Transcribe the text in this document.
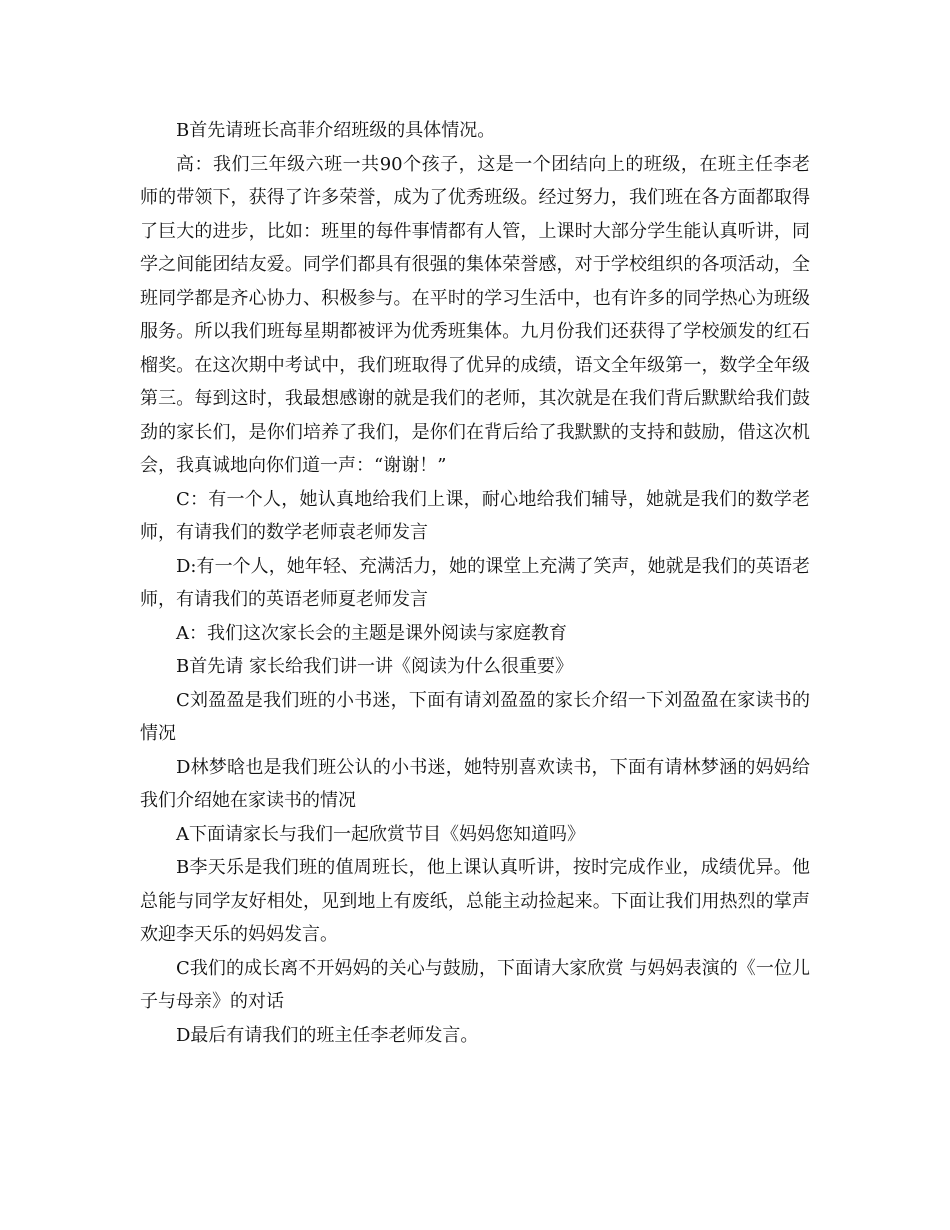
B首先请班长高菲介绍班级的具体情况。

高：我们三年级六班一共90个孩子，这是一个团结向上的班级，在班主任李老师的带领下，获得了许多荣誉，成为了优秀班级。经过努力，我们班在各方面都取得了巨大的进步，比如：班里的每件事情都有人管，上课时大部分学生能认真听讲，同学之间能团结友爱。同学们都具有很强的集体荣誉感，对于学校组织的各项活动，全班同学都是齐心协力、积极参与。在平时的学习生活中，也有许多的同学热心为班级服务。所以我们班每星期都被评为优秀班集体。九月份我们还获得了学校颁发的红石榴奖。在这次期中考试中，我们班取得了优异的成绩，语文全年级第一，数学全年级第三。每到这时，我最想感谢的就是我们的老师，其次就是在我们背后默默给我们鼓劲的家长们，是你们培养了我们，是你们在背后给了我默默的支持和鼓励，借这次机会，我真诚地向你们道一声：“谢谢！”

C：有一个人，她认真地给我们上课，耐心地给我们辅导，她就是我们的数学老师，有请我们的数学老师袁老师发言

D:有一个人，她年轻、充满活力，她的课堂上充满了笑声，她就是我们的英语老师，有请我们的英语老师夏老师发言

A：我们这次家长会的主题是课外阅读与家庭教育

B首先请 家长给我们讲一讲《阅读为什么很重要》

C刘盈盈是我们班的小书迷，下面有请刘盈盈的家长介绍一下刘盈盈在家读书的情况

D林梦晗也是我们班公认的小书迷，她特别喜欢读书，下面有请林梦涵的妈妈给我们介绍她在家读书的情况

A下面请家长与我们一起欣赏节目《妈妈您知道吗》

B李天乐是我们班的值周班长，他上课认真听讲，按时完成作业，成绩优异。他总能与同学友好相处，见到地上有废纸，总能主动捡起来。下面让我们用热烈的掌声欢迎李天乐的妈妈发言。

C我们的成长离不开妈妈的关心与鼓励，下面请大家欣赏 与妈妈表演的《一位儿子与母亲》的对话

D最后有请我们的班主任李老师发言。
